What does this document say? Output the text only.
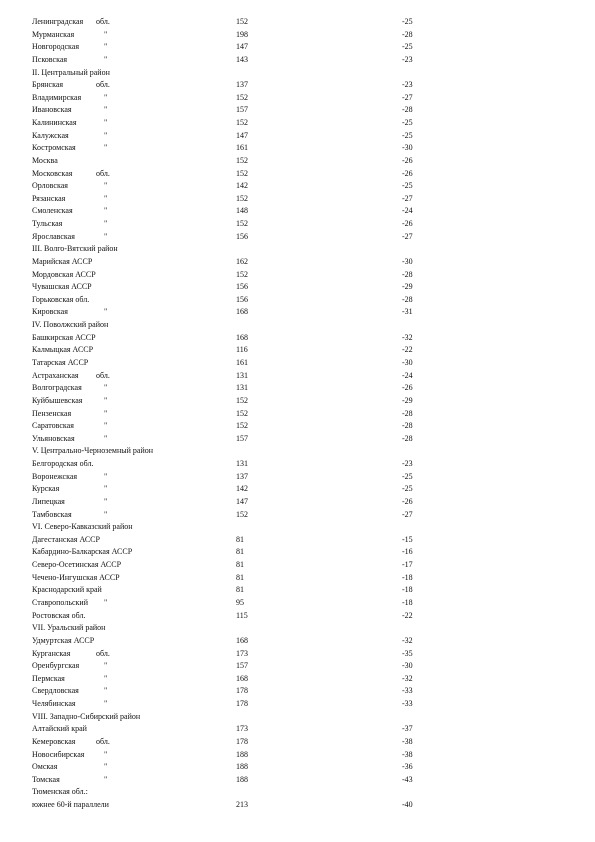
Ленинградская обл.	152	-25
Мурманская	"	198	-28
Новгородская	"	147	-25
Псковская	"	143	-23
II. Центральный район
Брянская	обл.	137	-23
Владимирская	"	152	-27
Ивановская	"	157	-28
Калининская	"	152	-25
Калужская	"	147	-25
Костромская	"	161	-30
Москва	152	-26
Московская	обл.	152	-26
Орловская	"	142	-25
Рязанская	"	152	-27
Смоленская	"	148	-24
Тульская	"	152	-26
Ярославская	"	156	-27
III. Волго-Вятский район
Марийская АССР	162	-30
Мордовская АССР	152	-28
Чувашская АССР	156	-29
Горьковская обл.	156	-28
Кировская	"	168	-31
IV. Поволжский район
Башкирская АССР	168	-32
Калмыцкая АССР	116	-22
Татарская АССР	161	-30
Астраханская обл.	131	-24
Волгоградская	"	131	-26
Куйбышевская	"	152	-29
Пензенская	"	152	-28
Саратовская	"	152	-28
Ульяновская	"	157	-28
V. Центрально-Черноземный район
Белгородская обл.	131	-23
Воронежская	"	137	-25
Курская	"	142	-25
Липецкая	"	147	-26
Тамбовская	"	152	-27
VI. Северо-Кавказский район
Дагестанская АССР	81	-15
Кабардино-Балкарская АССР	81	-16
Северо-Осетинская АССР	81	-17
Чечено-Ингушская АССР	81	-18
Краснодарский край	81	-18
Ставропольский "	95	-18
Ростовская обл.	115	-22
VII. Уральский район
Удмуртская АССР	168	-32
Курганская	обл.	173	-35
Оренбургская	"	157	-30
Пермская	"	168	-32
Свердловская	"	178	-33
Челябинская	"	178	-33
VIII. Западно-Сибирский район
Алтайский край	173	-37
Кемеровская	обл.	178	-38
Новосибирская "	188	-38
Омская	"	188	-36
Томская	"	188	-43
Тюменская обл.:
южнее 60-й параллели	213	-40
